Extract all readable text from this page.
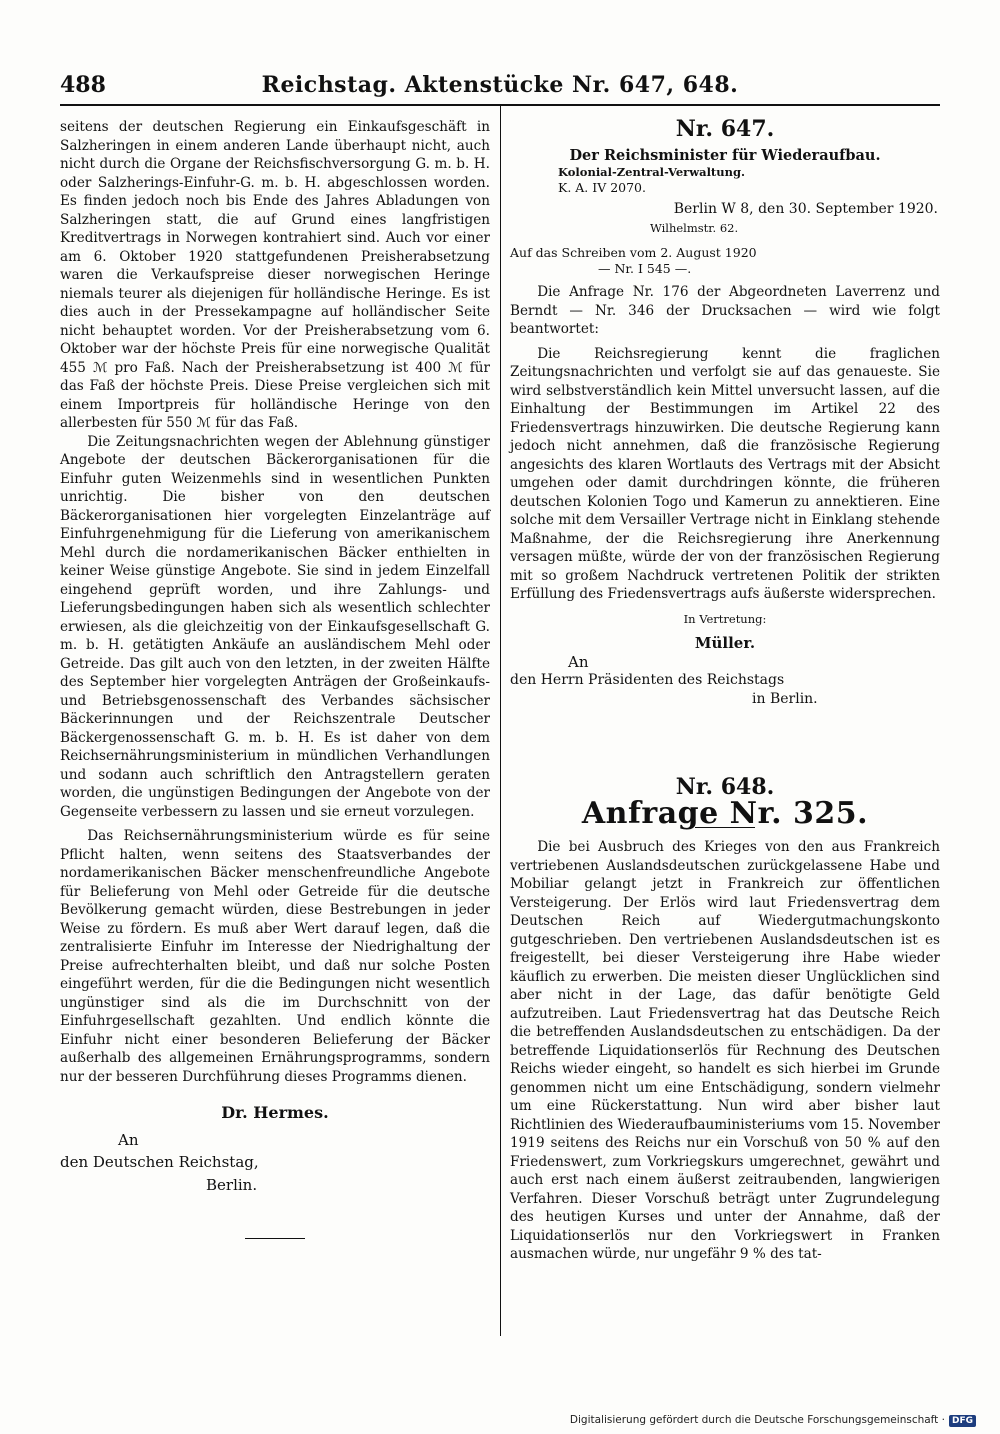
488	Reichstag. Aktenstücke Nr. 647, 648.

seitens der deutschen Regierung ein Einkaufsgeschäft in Salzheringen in einem anderen Lande überhaupt nicht, auch nicht durch die Organe der Reichsfischversorgung G. m. b. H. oder Salzherings-Einfuhr-G. m. b. H. abgeschlossen worden. Es finden jedoch noch bis Ende des Jahres Abladungen von Salzheringen statt, die auf Grund eines langfristigen Kreditvertrags in Norwegen kontrahiert sind. Auch vor einer am 6. Oktober 1920 stattgefundenen Preisherabsetzung waren die Verkaufspreise dieser norwegischen Heringe niemals teurer als diejenigen für holländische Heringe. Es ist dies auch in der Pressekampagne auf holländischer Seite nicht behauptet worden. Vor der Preisherabsetzung vom 6. Oktober war der höchste Preis für eine norwegische Qualität 455 ℳ pro Faß. Nach der Preisherabsetzung ist 400 ℳ für das Faß der höchste Preis. Diese Preise vergleichen sich mit einem Importpreis für holländische Heringe von den allerbesten für 550 ℳ für das Faß.

Die Zeitungsnachrichten wegen der Ablehnung günstiger Angebote der deutschen Bäckerorganisationen für die Einfuhr guten Weizenmehls sind in wesentlichen Punkten unrichtig. Die bisher von den deutschen Bäckerorganisationen hier vorgelegten Einzelanträge auf Einfuhrgenehmigung für die Lieferung von amerikanischem Mehl durch die nordamerikanischen Bäcker enthielten in keiner Weise günstige Angebote. Sie sind in jedem Einzelfall eingehend geprüft worden, und ihre Zahlungs- und Lieferungsbedingungen haben sich als wesentlich schlechter erwiesen, als die gleichzeitig von der Einkaufsgesellschaft G. m. b. H. getätigten Ankäufe an ausländischem Mehl oder Getreide. Das gilt auch von den letzten, in der zweiten Hälfte des September hier vorgelegten Anträgen der Großeinkaufs- und Betriebsgenossenschaft des Verbandes sächsischer Bäckerinnungen und der Reichszentrale Deutscher Bäckergenossenschaft G. m. b. H. Es ist daher von dem Reichsernährungsministerium in mündlichen Verhandlungen und sodann auch schriftlich den Antragstellern geraten worden, die ungünstigen Bedingungen der Angebote von der Gegenseite verbessern zu lassen und sie erneut vorzulegen.

Das Reichsernährungsministerium würde es für seine Pflicht halten, wenn seitens des Staatsverbandes der nordamerikanischen Bäcker menschenfreundliche Angebote für Belieferung von Mehl oder Getreide für die deutsche Bevölkerung gemacht würden, diese Bestrebungen in jeder Weise zu fördern. Es muß aber Wert darauf legen, daß die zentralisierte Einfuhr im Interesse der Niedrighaltung der Preise aufrechterhalten bleibt, und daß nur solche Posten eingeführt werden, für die die Bedingungen nicht wesentlich ungünstiger sind als die im Durchschnitt von der Einfuhrgesellschaft gezahlten. Und endlich könnte die Einfuhr nicht einer besonderen Belieferung der Bäcker außerhalb des allgemeinen Ernährungsprogramms, sondern nur der besseren Durchführung dieses Programms dienen.

Dr. Hermes.
An
den Deutschen Reichstag,
Berlin.
Nr. 647.
Der Reichsminister für Wiederaufbau.
Kolonial-Zentral-Verwaltung.
K. A. IV 2070.
Berlin W 8, den 30. September 1920.
Wilhelmstr. 62.
Auf das Schreiben vom 2. August 1920
— Nr. I 545 —.

Die Anfrage Nr. 176 der Abgeordneten Laverrenz und Berndt — Nr. 346 der Drucksachen — wird wie folgt beantwortet:

Die Reichsregierung kennt die fraglichen Zeitungsnachrichten und verfolgt sie auf das genaueste. Sie wird selbstverständlich kein Mittel unversucht lassen, auf die Einhaltung der Bestimmungen im Artikel 22 des Friedensvertrags hinzuwirken. Die deutsche Regierung kann jedoch nicht annehmen, daß die französische Regierung angesichts des klaren Wortlauts des Vertrags mit der Absicht umgehen oder damit durchdringen könnte, die früheren deutschen Kolonien Togo und Kamerun zu annektieren. Eine solche mit dem Versailler Vertrage nicht in Einklang stehende Maßnahme, der die Reichsregierung ihre Anerkennung versagen müßte, würde der von der französischen Regierung mit so großem Nachdruck vertretenen Politik der strikten Erfüllung des Friedensvertrags aufs äußerste widersprechen.

In Vertretung:
Müller.
An
den Herrn Präsidenten des Reichstags
in Berlin.
Nr. 648.
Anfrage Nr. 325.

Die bei Ausbruch des Krieges von den aus Frankreich vertriebenen Auslandsdeutschen zurückgelassene Habe und Mobiliar gelangt jetzt in Frankreich zur öffentlichen Versteigerung. Der Erlös wird laut Friedensvertrag dem Deutschen Reich auf Wiedergutmachungskonto gutgeschrieben. Den vertriebenen Auslandsdeutschen ist es freigestellt, bei dieser Versteigerung ihre Habe wieder käuflich zu erwerben. Die meisten dieser Unglücklichen sind aber nicht in der Lage, das dafür benötigte Geld aufzutreiben. Laut Friedensvertrag hat das Deutsche Reich die betreffenden Auslandsdeutschen zu entschädigen. Da der betreffende Liquidationserlös für Rechnung des Deutschen Reichs wieder eingeht, so handelt es sich hierbei im Grunde genommen nicht um eine Entschädigung, sondern vielmehr um eine Rückerstattung. Nun wird aber bisher laut Richtlinien des Wiederaufbauministeriums vom 15. November 1919 seitens des Reichs nur ein Vorschuß von 50 % auf den Friedenswert, zum Vorkriegskurs umgerechnet, gewährt und auch erst nach einem äußerst zeitraubenden, langwierigen Verfahren. Dieser Vorschuß beträgt unter Zugrundelegung des heutigen Kurses und unter der Annahme, daß der Liquidationserlös nur den Vorkriegswert in Franken ausmachen würde, nur ungefähr 9 % des tat-

Digitalisierung gefördert durch die Deutsche Forschungsgemeinschaft · DFG
